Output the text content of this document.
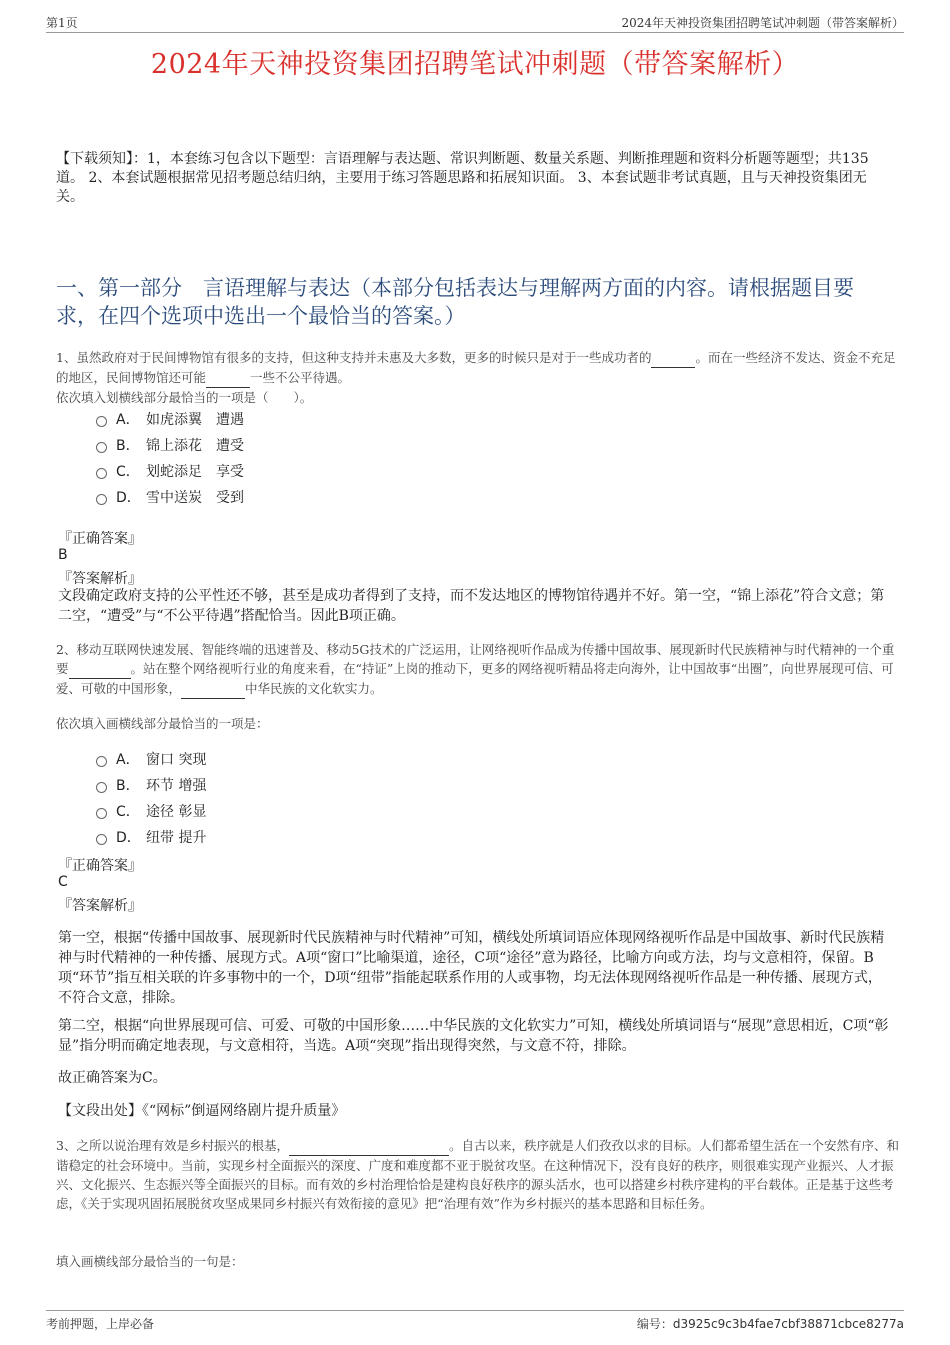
第1页	2024年天神投资集团招聘笔试冲刺题（带答案解析）
2024年天神投资集团招聘笔试冲刺题（带答案解析）
【下载须知】：1，本套练习包含以下题型：言语理解与表达题、常识判断题、数量关系题、判断推理题和资料分析题等题型；共135道。 2、本套试题根据常见招考题总结归纳，主要用于练习答题思路和拓展知识面。 3、本套试题非考试真题，且与天神投资集团无关。
一、第一部分　言语理解与表达（本部分包括表达与理解两方面的内容。请根据题目要求，在四个选项中选出一个最恰当的答案。）
1、虽然政府对于民间博物馆有很多的支持，但这种支持并未惠及大多数，更多的时候只是对于一些成功者的	。而在一些经济不发达、资金不充足的地区，民间博物馆还可能	一些不公平待遇。
依次填入划横线部分最恰当的一项是（　　）。
A． 如虎添翼　遭遇
B． 锦上添花　遭受
C． 划蛇添足　享受
D． 雪中送炭　受到
『正确答案』
B
『答案解析』
文段确定政府支持的公平性还不够，甚至是成功者得到了支持，而不发达地区的博物馆待遇并不好。第一空，“锦上添花”符合文意；第二空，“遭受”与“不公平待遇”搭配恰当。因此B项正确。
2、移动互联网快速发展、智能终端的迅速普及、移动5G技术的广泛运用，让网络视听作品成为传播中国故事、展现新时代民族精神与时代精神的一个重要	。站在整个网络视听行业的角度来看，在“持证”上岗的推动下，更多的网络视听精品将走向海外，让中国故事“出圈”，向世界展现可信、可爱、可敬的中国形象，	中华民族的文化软实力。
依次填入画横线部分最恰当的一项是：
A． 窗口 突现
B． 环节 增强
C． 途径 彰显
D． 纽带 提升
『正确答案』
C
『答案解析』
第一空，根据“传播中国故事、展现新时代民族精神与时代精神”可知，横线处所填词语应体现网络视听作品是中国故事、新时代民族精神与时代精神的一种传播、展现方式。A项“窗口”比喻渠道，途径，C项“途径”意为路径，比喻方向或方法，均与文意相符，保留。B项“环节”指互相关联的许多事物中的一个，D项“纽带”指能起联系作用的人或事物，均无法体现网络视听作品是一种传播、展现方式，不符合文意，排除。
第二空，根据“向世界展现可信、可爱、可敬的中国形象……中华民族的文化软实力”可知，横线处所填词语与“展现”意思相近，C项“彰显”指分明而确定地表现，与文意相符，当选。A项“突现”指出现得突然，与文意不符，排除。
故正确答案为C。
【文段出处】《“网标”倒逼网络剧片提升质量》
3、之所以说治理有效是乡村振兴的根基，	。自古以来，秩序就是人们孜孜以求的目标。人们都希望生活在一个安然有序、和谐稳定的社会环境中。当前，实现乡村全面振兴的深度、广度和难度都不亚于脱贫攻坚。在这种情况下，没有良好的秩序，则很难实现产业振兴、人才振兴、文化振兴、生态振兴等全面振兴的目标。而有效的乡村治理恰恰是建构良好秩序的源头活水，也可以搭建乡村秩序建构的平台载体。正是基于这些考虑，《关于实现巩固拓展脱贫攻坚成果同乡村振兴有效衔接的意见》把“治理有效”作为乡村振兴的基本思路和目标任务。
填入画横线部分最恰当的一句是：
考前押题，上岸必备	编号：d3925c9c3b4fae7cbf38871cbce8277a
